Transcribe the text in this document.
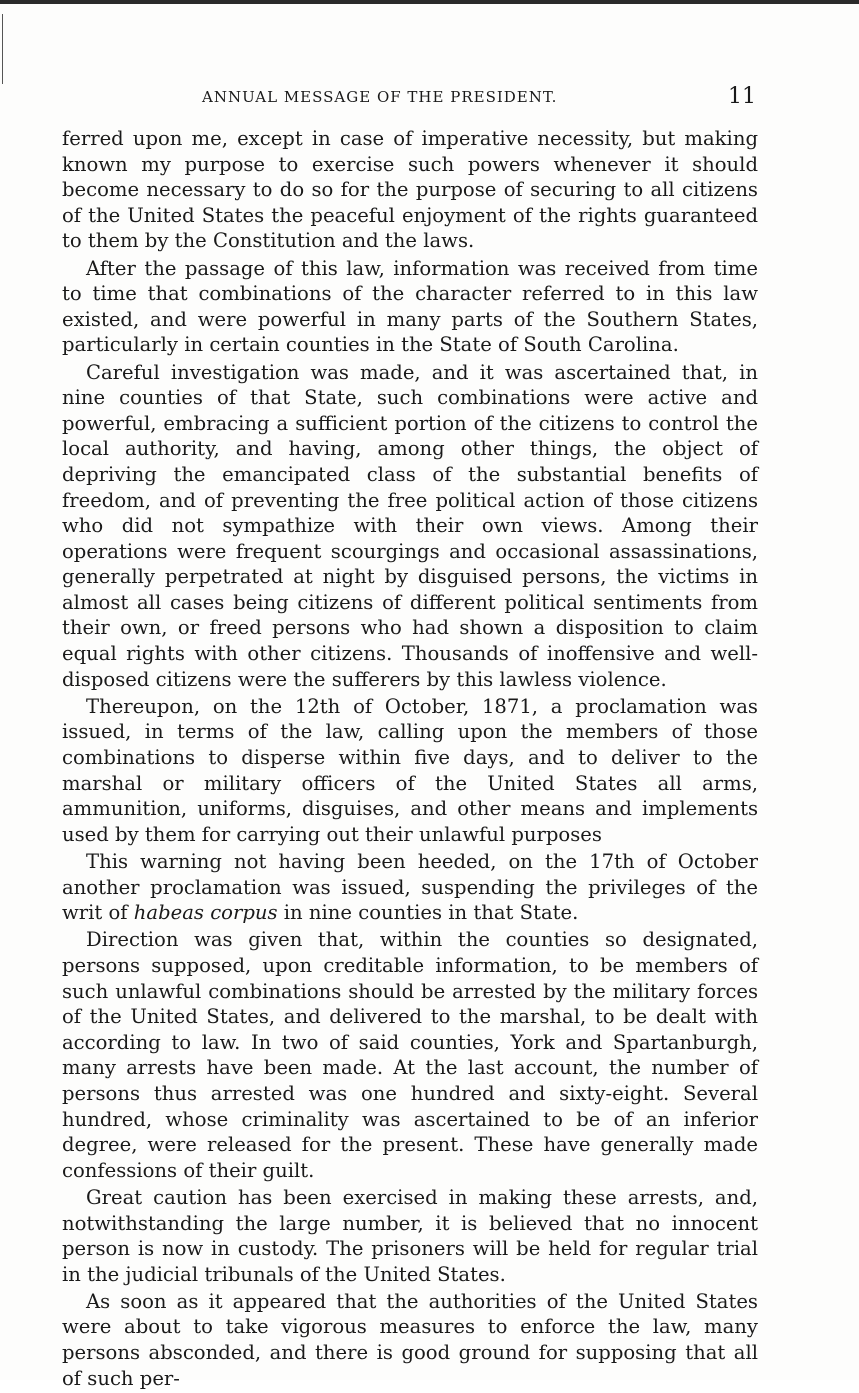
ANNUAL MESSAGE OF THE PRESIDENT.	11

ferred upon me, except in case of imperative necessity, but making known my purpose to exercise such powers whenever it should become necessary to do so for the purpose of securing to all citizens of the United States the peaceful enjoyment of the rights guaranteed to them by the Constitution and the laws.

After the passage of this law, information was received from time to time that combinations of the character referred to in this law existed, and were powerful in many parts of the Southern States, particularly in certain counties in the State of South Carolina.

Careful investigation was made, and it was ascertained that, in nine counties of that State, such combinations were active and powerful, embracing a sufficient portion of the citizens to control the local authority, and having, among other things, the object of depriving the emancipated class of the substantial benefits of freedom, and of preventing the free political action of those citizens who did not sympathize with their own views. Among their operations were frequent scourgings and occasional assassinations, generally perpetrated at night by disguised persons, the victims in almost all cases being citizens of different political sentiments from their own, or freed persons who had shown a disposition to claim equal rights with other citizens. Thousands of inoffensive and well-disposed citizens were the sufferers by this lawless violence.

Thereupon, on the 12th of October, 1871, a proclamation was issued, in terms of the law, calling upon the members of those combinations to disperse within five days, and to deliver to the marshal or military officers of the United States all arms, ammunition, uniforms, disguises, and other means and implements used by them for carrying out their unlawful purposes

This warning not having been heeded, on the 17th of October another proclamation was issued, suspending the privileges of the writ of habeas corpus in nine counties in that State.

Direction was given that, within the counties so designated, persons supposed, upon creditable information, to be members of such unlawful combinations should be arrested by the military forces of the United States, and delivered to the marshal, to be dealt with according to law. In two of said counties, York and Spartanburgh, many arrests have been made. At the last account, the number of persons thus arrested was one hundred and sixty-eight. Several hundred, whose criminality was ascertained to be of an inferior degree, were released for the present. These have generally made confessions of their guilt.

Great caution has been exercised in making these arrests, and, notwithstanding the large number, it is believed that no innocent person is now in custody. The prisoners will be held for regular trial in the judicial tribunals of the United States.

As soon as it appeared that the authorities of the United States were about to take vigorous measures to enforce the law, many persons absconded, and there is good ground for supposing that all of such per-
